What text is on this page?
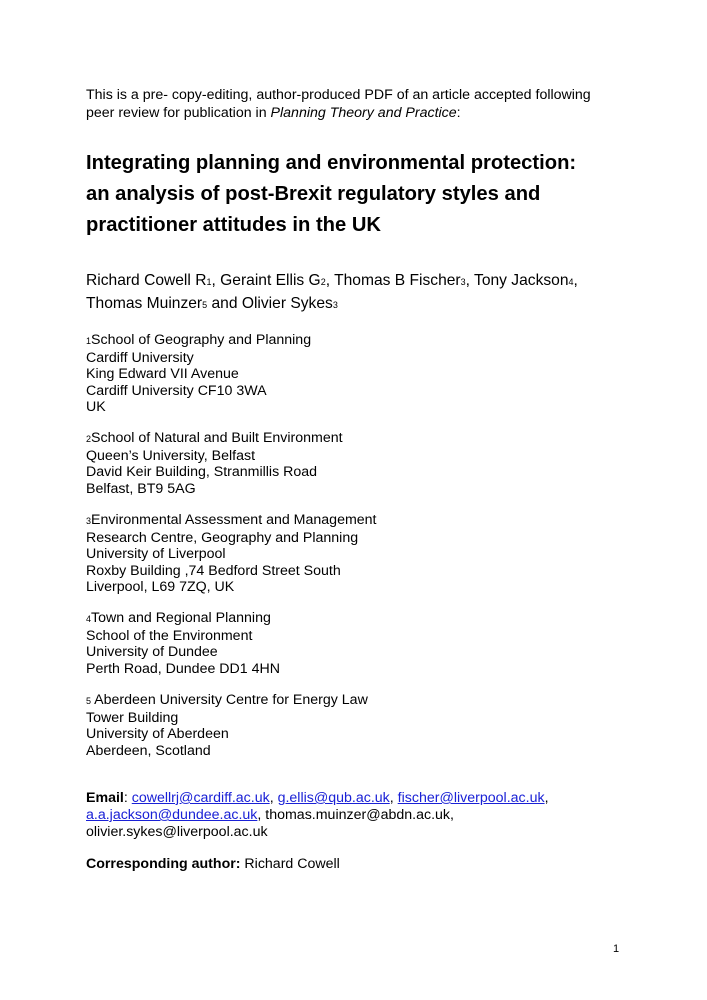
This is a pre- copy-editing, author-produced PDF of an article accepted following
peer review for publication in Planning Theory and Practice:
Integrating planning and environmental protection:
an analysis of post-Brexit regulatory styles and
practitioner attitudes in the UK
Richard Cowell R1, Geraint Ellis G2, Thomas B Fischer3, Tony Jackson4,
Thomas Muinzer5 and Olivier Sykes3
1School of Geography and Planning
Cardiff University
King Edward VII Avenue
Cardiff University CF10 3WA
UK
2School of Natural and Built Environment
Queen’s University, Belfast
David Keir Building, Stranmillis Road
Belfast, BT9 5AG
3Environmental Assessment and Management
Research Centre, Geography and Planning
University of Liverpool
Roxby Building ,74 Bedford Street South
Liverpool, L69 7ZQ, UK
4Town and Regional Planning
School of the Environment
University of Dundee
Perth Road, Dundee DD1 4HN
5 Aberdeen University Centre for Energy Law
Tower Building
University of Aberdeen
Aberdeen, Scotland
Email: cowellrj@cardiff.ac.uk, g.ellis@qub.ac.uk, fischer@liverpool.ac.uk,
a.a.jackson@dundee.ac.uk, thomas.muinzer@abdn.ac.uk,
olivier.sykes@liverpool.ac.uk
Corresponding author: Richard Cowell
1
